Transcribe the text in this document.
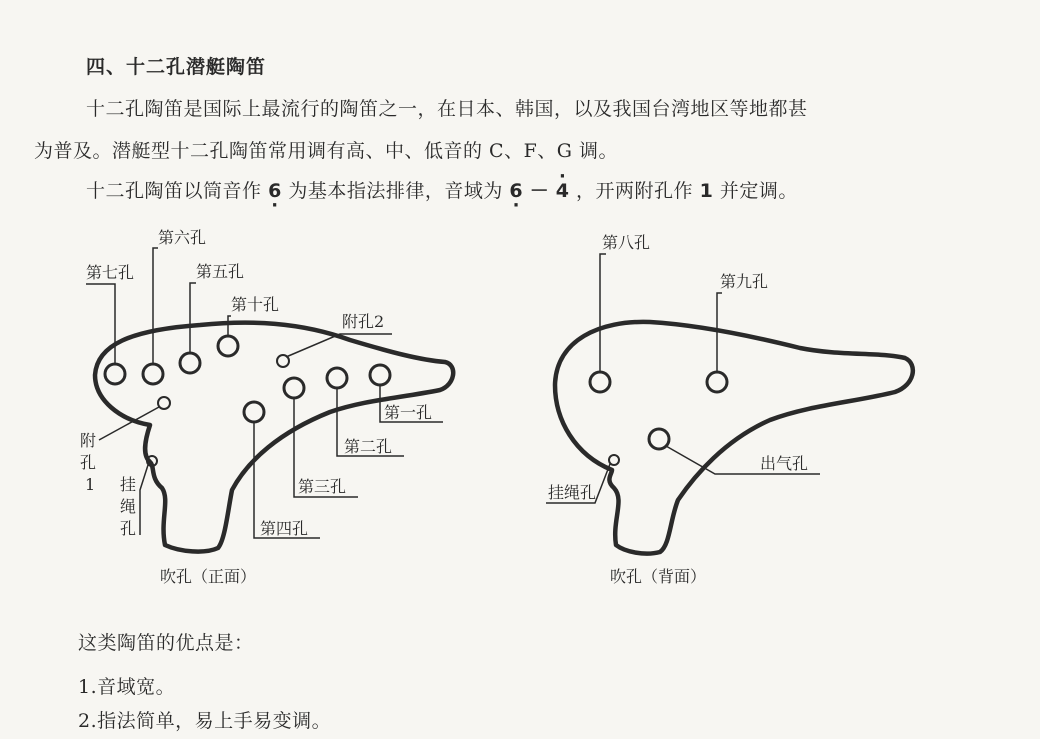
四、十二孔潜艇陶笛
十二孔陶笛是国际上最流行的陶笛之一，在日本、韩国，以及我国台湾地区等地都甚
为普及。潜艇型十二孔陶笛常用调有高、中、低音的 C、F、G 调。
十二孔陶笛以筒音作 6 · 为基本指法排律，音域为 6 · － · 4 ，开两附孔作 1 并定调。
第七孔
第六孔
第五孔
第十孔
附孔2
第一孔
第二孔
第三孔
第四孔
附
孔
1 挂
绳
孔
吹孔（正面）
第八孔
第九孔
出气孔
挂绳孔
吹孔（背面）
这类陶笛的优点是：
1.音域宽。
2.指法简单，易上手易变调。
